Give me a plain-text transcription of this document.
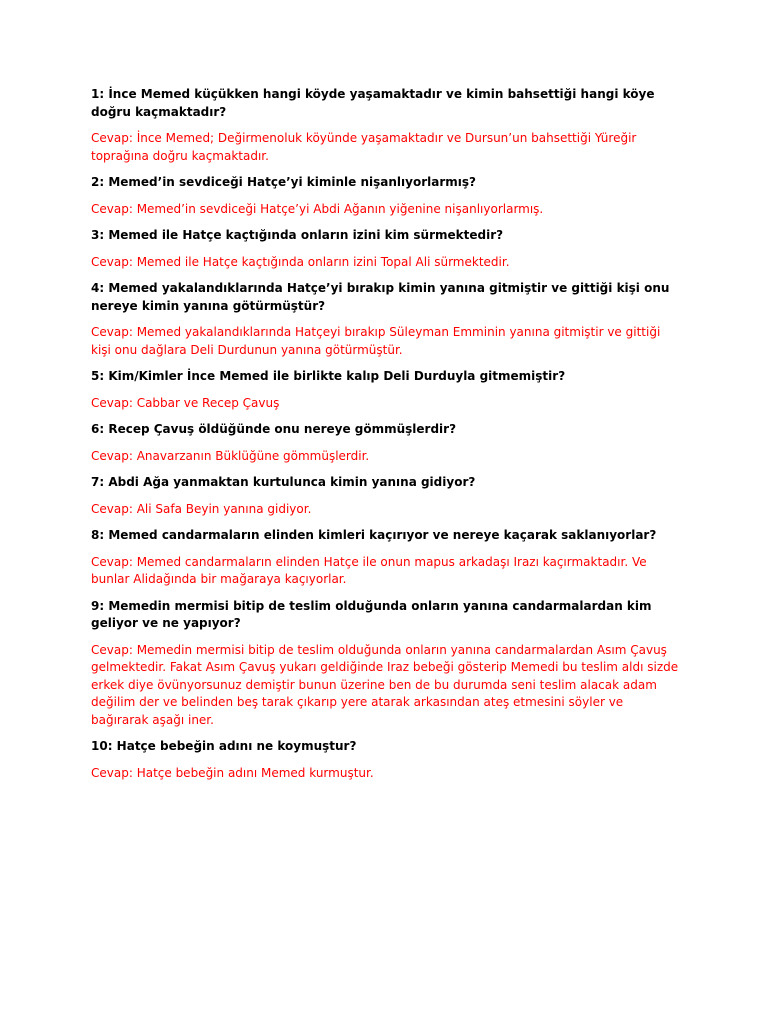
1: İnce Memed küçükken hangi köyde yaşamaktadır ve kimin bahsettiği hangi köye doğru kaçmaktadır?

Cevap: İnce Memed; Değirmenoluk köyünde yaşamaktadır ve Dursun’un bahsettiği Yüreğir toprağına doğru kaçmaktadır.

2: Memed’in sevdiceği Hatçe’yi kiminle nişanlıyorlarmış?

Cevap: Memed’in sevdiceği Hatçe’yi Abdi Ağanın yiğenine nişanlıyorlarmış.

3: Memed ile Hatçe kaçtığında onların izini kim sürmektedir?

Cevap: Memed ile Hatçe kaçtığında onların izini Topal Ali sürmektedir.

4: Memed yakalandıklarında Hatçe’yi bırakıp kimin yanına gitmiştir ve gittiği kişi onu nereye kimin yanına götürmüştür?

Cevap: Memed yakalandıklarında Hatçeyi bırakıp Süleyman Emminin yanına gitmiştir ve gittiği kişi onu dağlara Deli Durdunun yanına götürmüştür.

5: Kim/Kimler İnce Memed ile birlikte kalıp Deli Durduyla gitmemiştir?

Cevap: Cabbar ve Recep Çavuş

6: Recep Çavuş öldüğünde onu nereye gömmüşlerdir?

Cevap: Anavarzanın Büklüğüne gömmüşlerdir.

7: Abdi Ağa yanmaktan kurtulunca kimin yanına gidiyor?

Cevap: Ali Safa Beyin yanına gidiyor.

8: Memed candarmaların elinden kimleri kaçırıyor ve nereye kaçarak saklanıyorlar?

Cevap: Memed candarmaların elinden Hatçe ile onun mapus arkadaşı Irazı kaçırmaktadır. Ve bunlar Alidağında bir mağaraya kaçıyorlar.

9: Memedin mermisi bitip de teslim olduğunda onların yanına candarmalardan kim geliyor ve ne yapıyor?

Cevap: Memedin mermisi bitip de teslim olduğunda onların yanına candarmalardan Asım Çavuş gelmektedir. Fakat Asım Çavuş yukarı geldiğinde Iraz bebeği gösterip Memedi bu teslim aldı sizde erkek diye övünyorsunuz demiştir bunun üzerine ben de bu durumda seni teslim alacak adam değilim der ve belinden beş tarak çıkarıp yere atarak arkasından ateş etmesini söyler ve bağırarak aşağı iner.

10: Hatçe bebeğin adını ne koymuştur?

Cevap: Hatçe bebeğin adını Memed kurmuştur.
